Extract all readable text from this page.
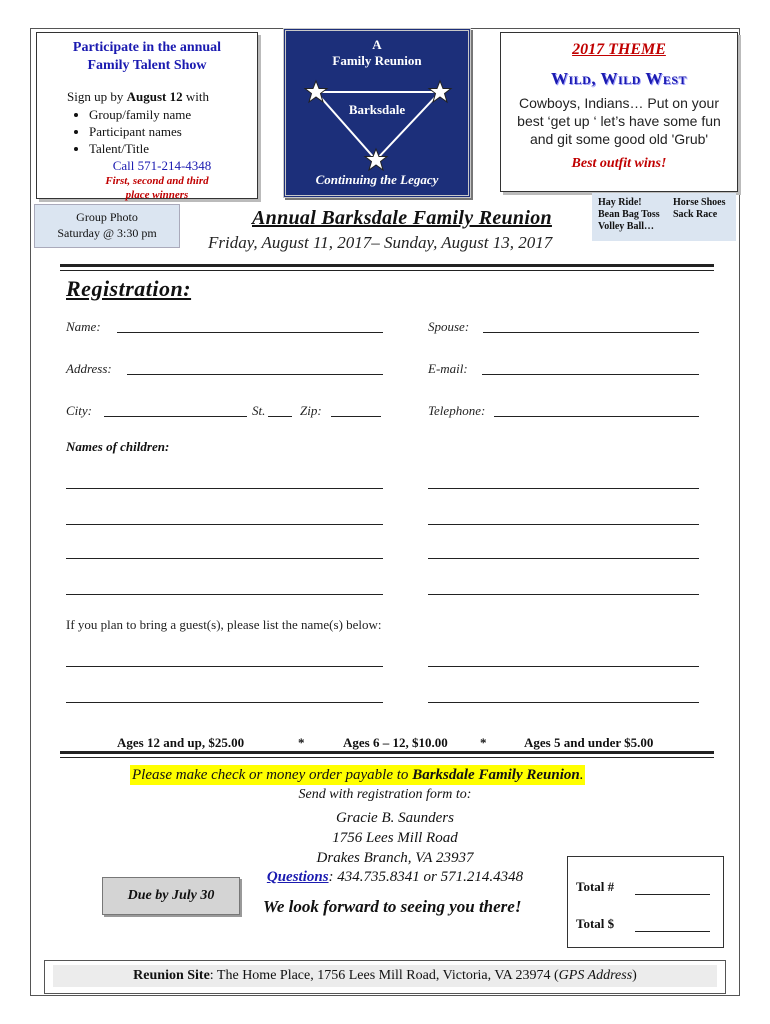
Participate in the annual
Family Talent Show
Sign up by August 12 with
• Group/family name
• Participant names
• Talent/Title
Call 571-214-4348
First, second and third
place winners
A
Family Reunion
Barksdale
Continuing the Legacy
2017 THEME
Wild, Wild West
Cowboys, Indians… Put on your best ‘get up ‘ let’s have some fun and git some good old 'Grub'
Best outfit wins!
Group Photo
Saturday @ 3:30 pm
Hay Ride!	Horse Shoes
Bean Bag Toss Sack Race
Volley Ball…
Annual Barksdale Family Reunion
Friday, August 11, 2017– Sunday, August 13, 2017
Registration:
Name:	Spouse:
Address:	E-mail:
City:	St.	Zip:	Telephone:
Names of children:
If you plan to bring a guest(s), please list the name(s) below:
Ages 12 and up, $25.00	*	Ages 6 – 12, $10.00 *	Ages 5 and under $5.00
Please make check or money order payable to Barksdale Family Reunion.
Send with registration form to:
Gracie B. Saunders
1756 Lees Mill Road
Drakes Branch, VA 23937
Questions: 434.735.8341 or 571.214.4348
We look forward to seeing you there!
Due by July 30
Total #
Total $
Reunion Site: The Home Place, 1756 Lees Mill Road, Victoria, VA 23974 (GPS Address)
